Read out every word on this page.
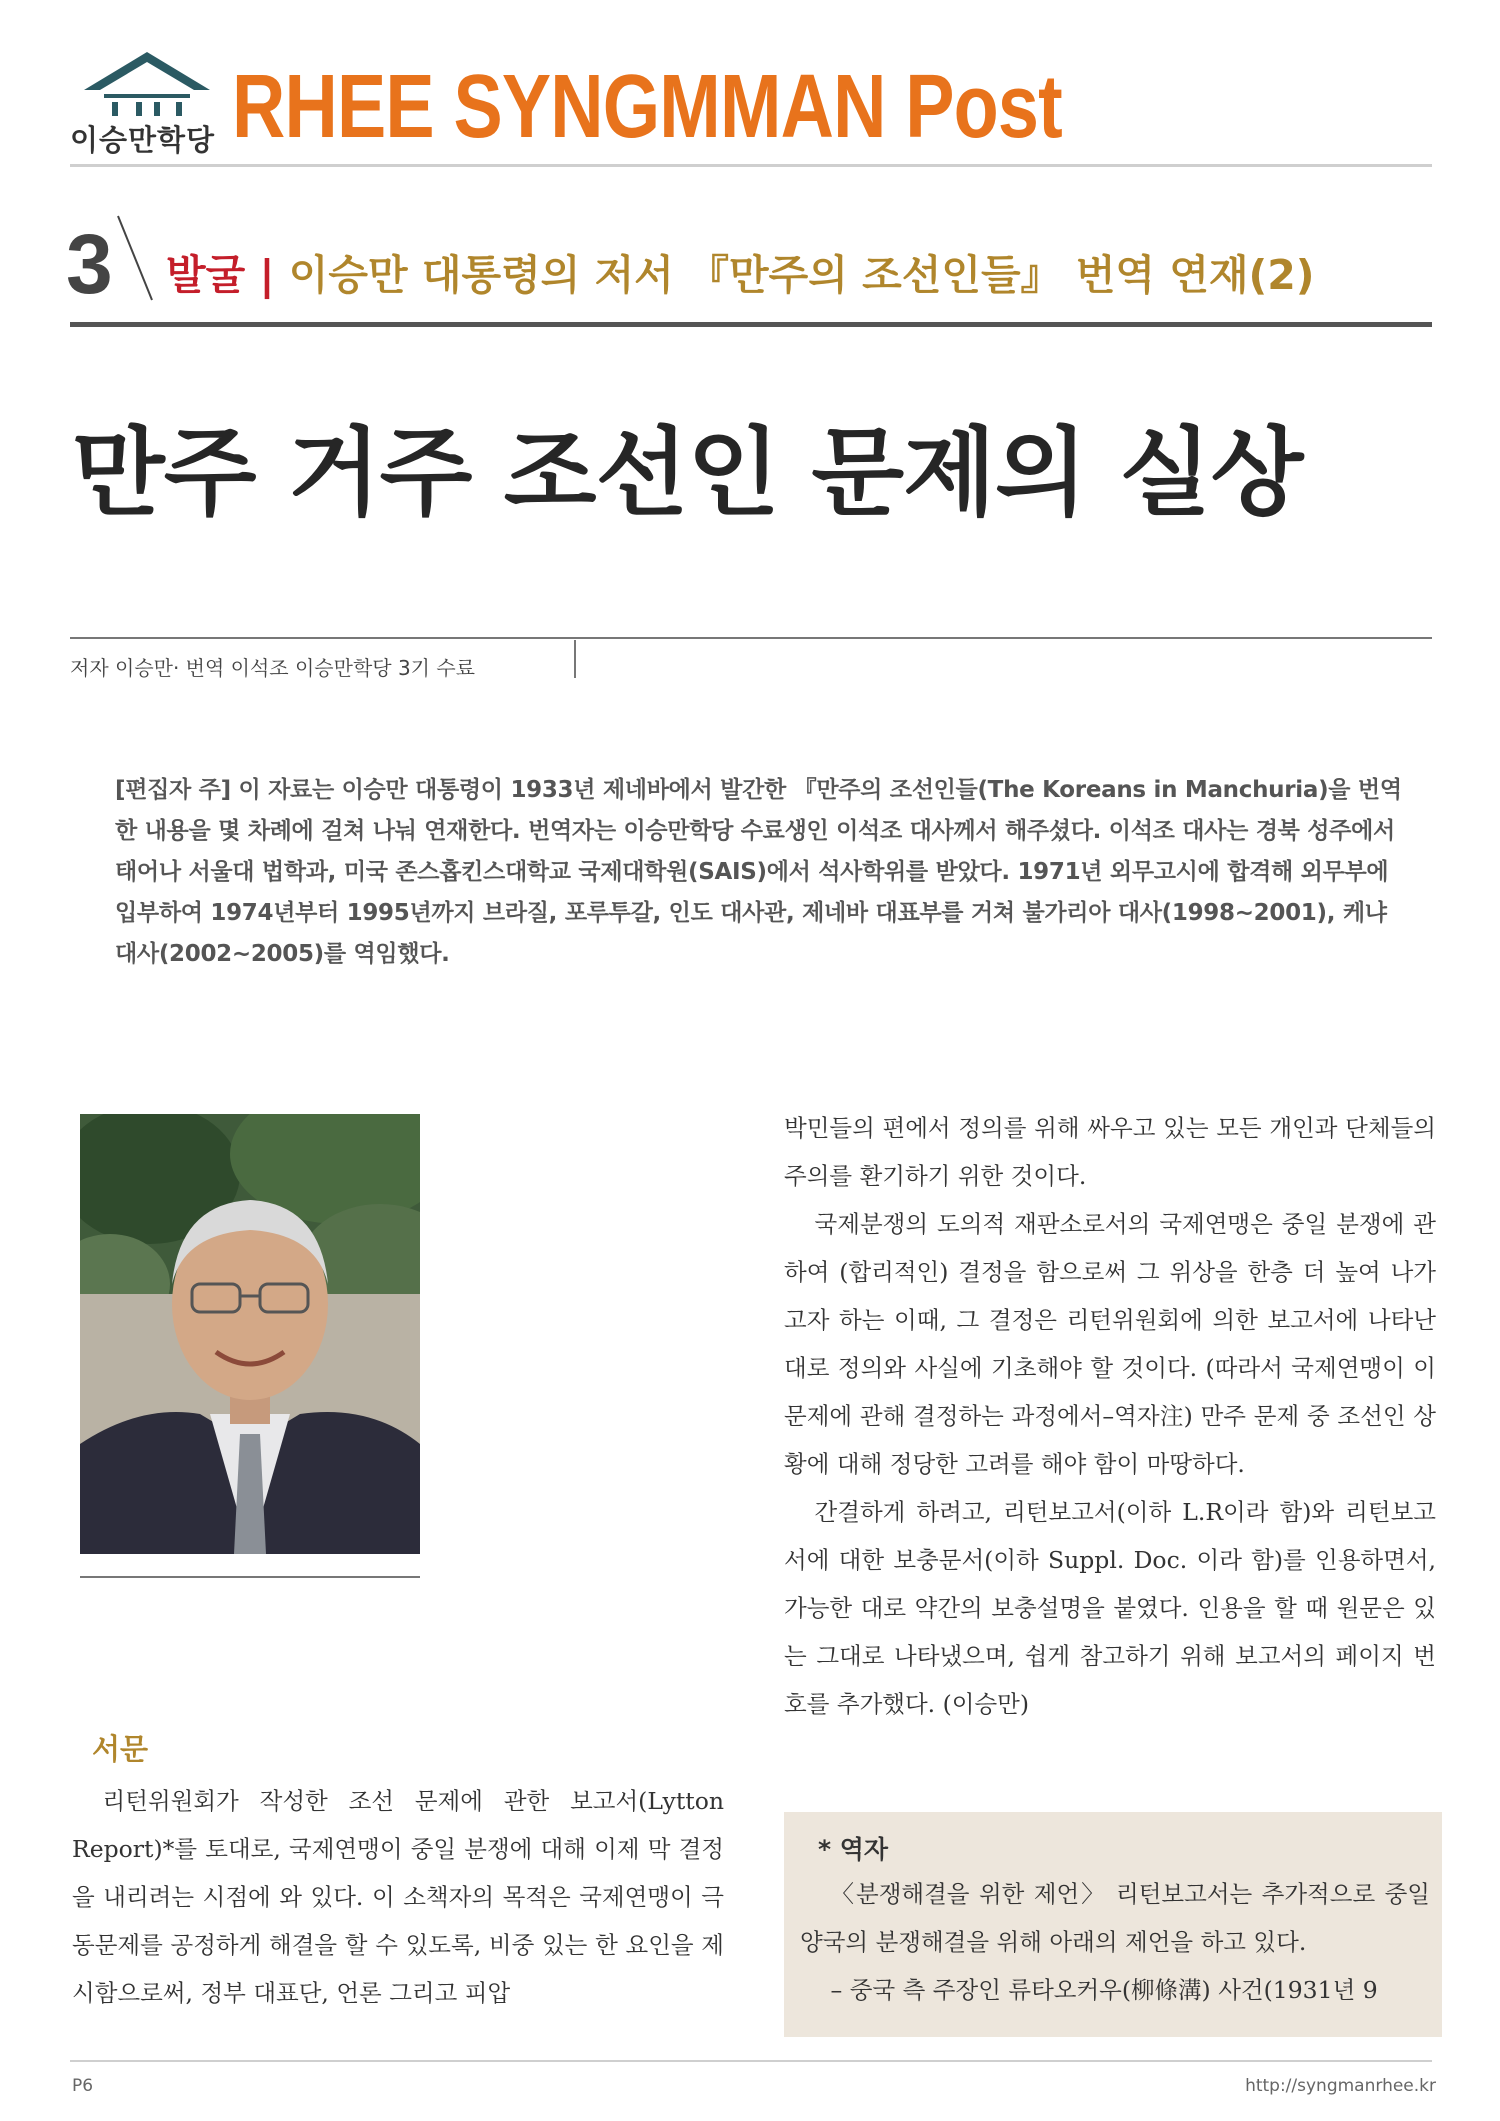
이승만학당 RHEE SYNGMMAN Post
3 발굴 | 이승만 대통령의 저서 『만주의 조선인들』 번역 연재(2)
만주 거주 조선인 문제의 실상
저자 이승만· 번역 이석조 이승만학당 3기 수료
[편집자 주] 이 자료는 이승만 대통령이 1933년 제네바에서 발간한 『만주의 조선인들(The Koreans in Manchuria)을 번역한 내용을 몇 차례에 걸쳐 나눠 연재한다. 번역자는 이승만학당 수료생인 이석조 대사께서 해주셨다. 이석조 대사는 경북 성주에서 태어나 서울대 법학과, 미국 존스홉킨스대학교 국제대학원(SAIS)에서 석사학위를 받았다. 1971년 외무고시에 합격해 외무부에 입부하여 1974년부터 1995년까지 브라질, 포루투갈, 인도 대사관, 제네바 대표부를 거쳐 불가리아 대사(1998~2001), 케냐 대사(2002~2005)를 역임했다.
서문

리턴위원회가 작성한 조선 문제에 관한 보고서(Lytton Report)*를 토대로, 국제연맹이 중일 분쟁에 대해 이제 막 결정을 내리려는 시점에 와 있다. 이 소책자의 목적은 국제연맹이 극동문제를 공정하게 해결을 할 수 있도록, 비중 있는 한 요인을 제시함으로써, 정부 대표단, 언론 그리고 피압

박민들의 편에서 정의를 위해 싸우고 있는 모든 개인과 단체들의 주의를 환기하기 위한 것이다.

국제분쟁의 도의적 재판소로서의 국제연맹은 중일 분쟁에 관하여 (합리적인) 결정을 함으로써 그 위상을 한층 더 높여 나가고자 하는 이때, 그 결정은 리턴위원회에 의한 보고서에 나타난 대로 정의와 사실에 기초해야 할 것이다. (따라서 국제연맹이 이 문제에 관해 결정하는 과정에서–역자注) 만주 문제 중 조선인 상황에 대해 정당한 고려를 해야 함이 마땅하다.

간결하게 하려고, 리턴보고서(이하 L.R이라 함)와 리턴보고서에 대한 보충문서(이하 Suppl. Doc. 이라 함)를 인용하면서, 가능한 대로 약간의 보충설명을 붙였다. 인용을 할 때 원문은 있는 그대로 나타냈으며, 쉽게 참고하기 위해 보고서의 페이지 번호를 추가했다. (이승만)

* 역자

〈분쟁해결을 위한 제언〉 리턴보고서는 추가적으로 중일 양국의 분쟁해결을 위해 아래의 제언을 하고 있다.

– 중국 측 주장인 류타오커우(柳條溝) 사건(1931년 9

P6	http://syngmanrhee.kr
